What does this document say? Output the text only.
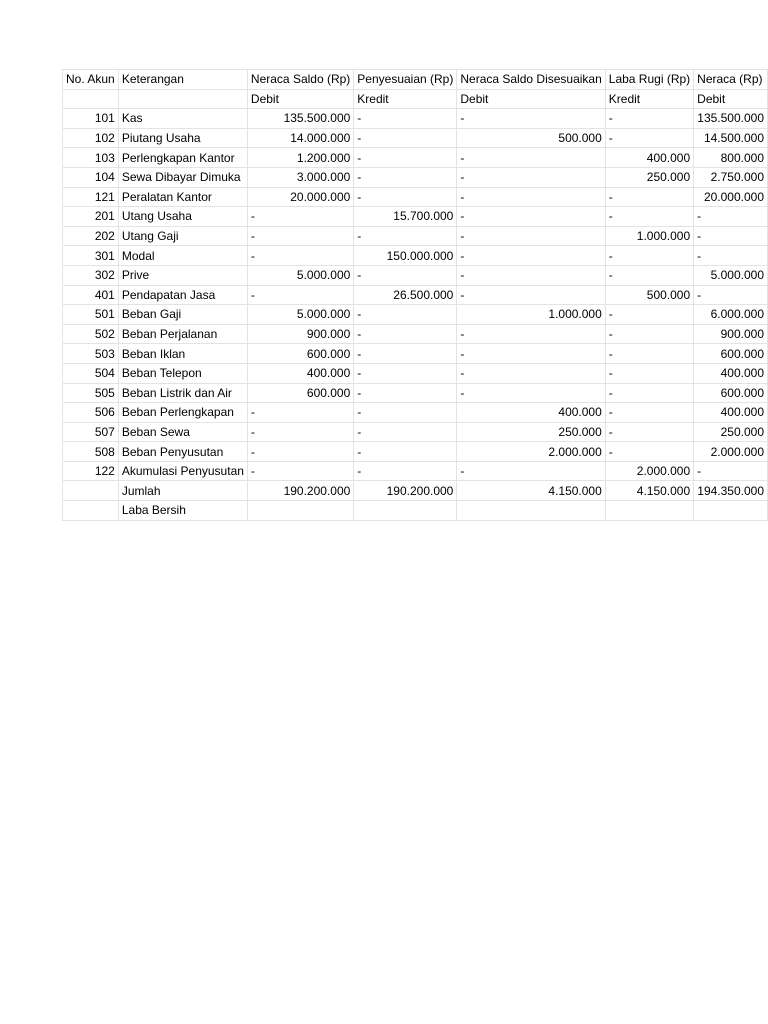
No. Akun	Keterangan	Neraca Saldo (Rp)	Penyesuaian (Rp)	Neraca Saldo Disesuaikan	Laba Rugi (Rp)	Neraca (Rp)
		Debit	Kredit	Debit	Kredit	Debit
101	Kas	135.500.000	-	-	-	135.500.000
102	Piutang Usaha	14.000.000	-	500.000	-	14.500.000
103	Perlengkapan Kantor	1.200.000	-	-	400.000	800.000
104	Sewa Dibayar Dimuka	3.000.000	-	-	250.000	2.750.000
121	Peralatan Kantor	20.000.000	-	-	-	20.000.000
201	Utang Usaha	-	15.700.000	-	-	-
202	Utang Gaji	-	-	-	1.000.000	-
301	Modal	-	150.000.000	-	-	-
302	Prive	5.000.000	-	-	-	5.000.000
401	Pendapatan Jasa	-	26.500.000	-	500.000	-
501	Beban Gaji	5.000.000	-	1.000.000	-	6.000.000
502	Beban Perjalanan	900.000	-	-	-	900.000
503	Beban Iklan	600.000	-	-	-	600.000
504	Beban Telepon	400.000	-	-	-	400.000
505	Beban Listrik dan Air	600.000	-	-	-	600.000
506	Beban Perlengkapan	-	-	400.000	-	400.000
507	Beban Sewa	-	-	250.000	-	250.000
508	Beban Penyusutan	-	-	2.000.000	-	2.000.000
122	Akumulasi Penyusutan	-	-	-	2.000.000	-
	Jumlah	190.200.000	190.200.000	4.150.000	4.150.000	194.350.000
	Laba Bersih					
